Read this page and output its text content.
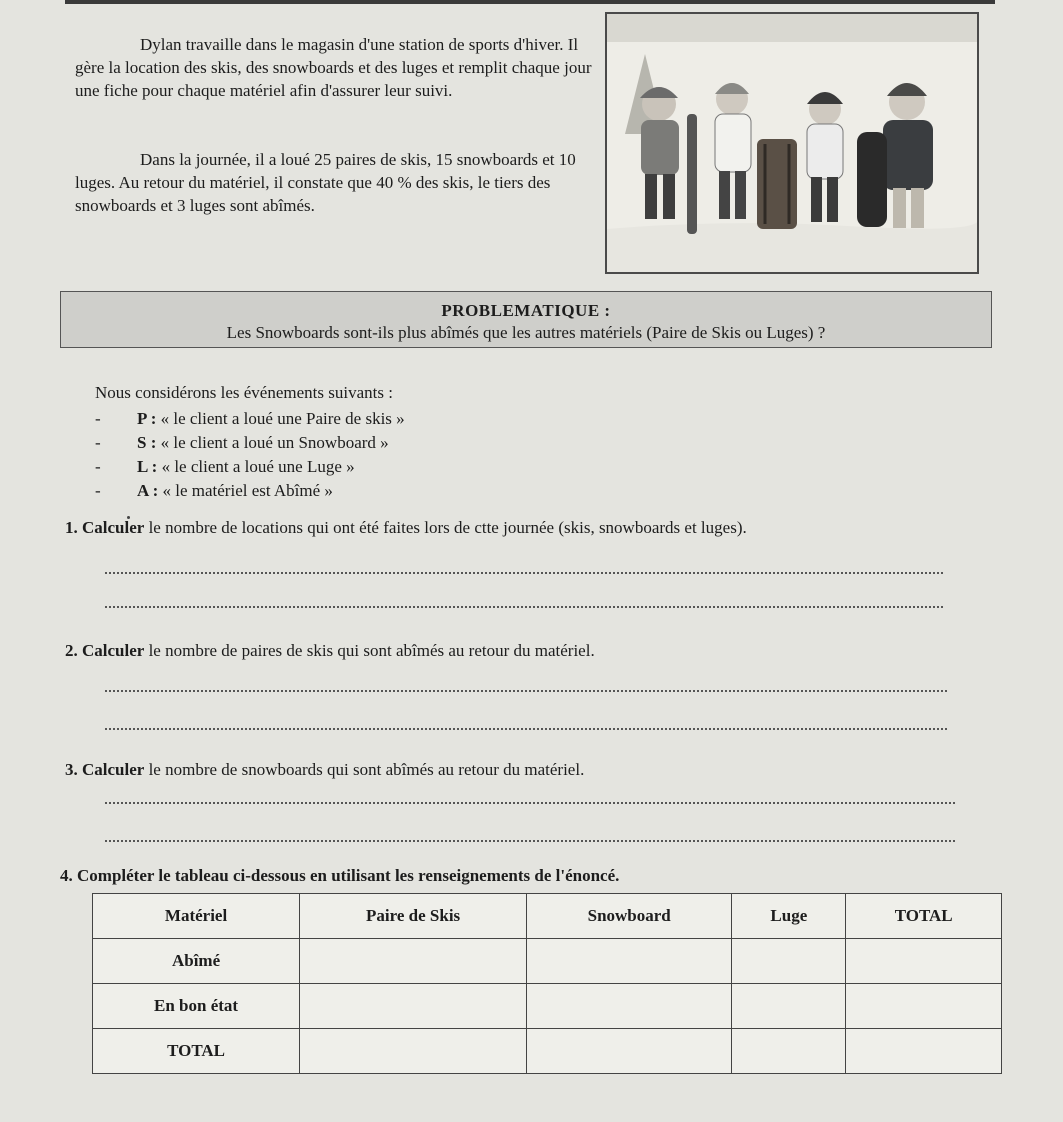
Dylan travaille dans le magasin d'une station de sports d'hiver. Il gère la location des skis, des snowboards et des luges et remplit chaque jour une fiche pour chaque matériel afin d'assurer leur suivi.

Dans la journée, il a loué 25 paires de skis, 15 snowboards et 10 luges. Au retour du matériel, il constate que 40 % des skis, le tiers des snowboards et 3 luges sont abîmés.

PROBLEMATIQUE :
Les Snowboards sont-ils plus abîmés que les autres matériels (Paire de Skis ou Luges) ?

Nous considérons les événements suivants :

- P : « le client a loué une Paire de skis »
- S : « le client a loué un Snowboard »
- L : « le client a loué une Luge »
- A : « le matériel est Abîmé »
1. Calculer le nombre de locations qui ont été faites lors de ctte journée (skis, snowboards et luges).
2. Calculer le nombre de paires de skis qui sont abîmés au retour du matériel.
3. Calculer le nombre de snowboards qui sont abîmés au retour du matériel.
4. Compléter le tableau ci-dessous en utilisant les renseignements de l'énoncé.
Matériel	Paire de Skis	Snowboard	Luge	TOTAL
Abîmé				
En bon état				
TOTAL				
